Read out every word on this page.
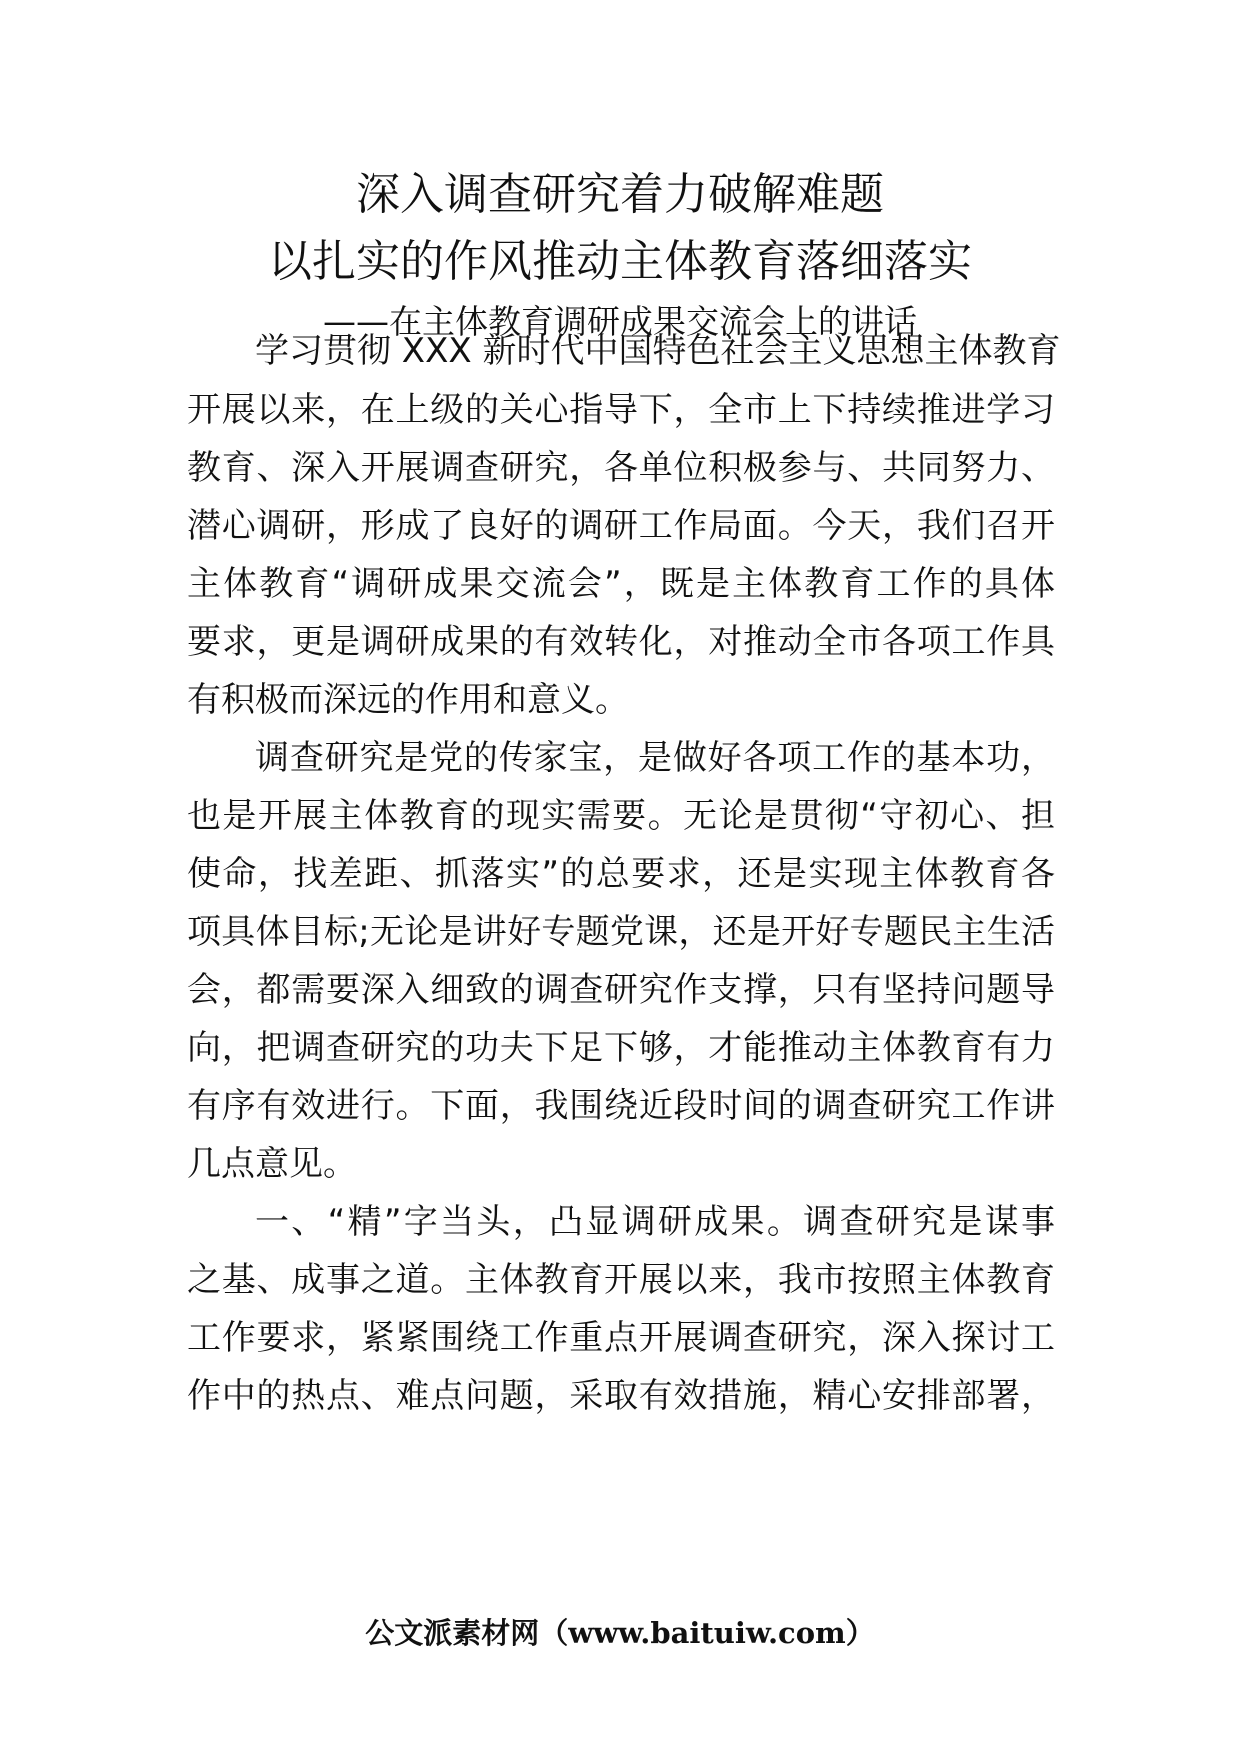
深入调查研究着力破解难题
以扎实的作风推动主体教育落细落实
——在主体教育调研成果交流会上的讲话
学习贯彻 XXX 新时代中国特色社会主义思想主体教育
开展以来，在上级的关心指导下，全市上下持续推进学习
教育、深入开展调查研究，各单位积极参与、共同努力、
潜心调研，形成了良好的调研工作局面。今天，我们召开
主体教育“调研成果交流会”，既是主体教育工作的具体
要求，更是调研成果的有效转化，对推动全市各项工作具
有积极而深远的作用和意义。
调查研究是党的传家宝，是做好各项工作的基本功，
也是开展主体教育的现实需要。无论是贯彻“守初心、担
使命，找差距、抓落实”的总要求，还是实现主体教育各
项具体目标;无论是讲好专题党课，还是开好专题民主生活
会，都需要深入细致的调查研究作支撑，只有坚持问题导
向，把调查研究的功夫下足下够，才能推动主体教育有力
有序有效进行。下面，我围绕近段时间的调查研究工作讲
几点意见。
一、“精”字当头，凸显调研成果。调查研究是谋事
之基、成事之道。主体教育开展以来，我市按照主体教育
工作要求，紧紧围绕工作重点开展调查研究，深入探讨工
作中的热点、难点问题，采取有效措施，精心安排部署，
公文派素材网（www.baituiw.com）
